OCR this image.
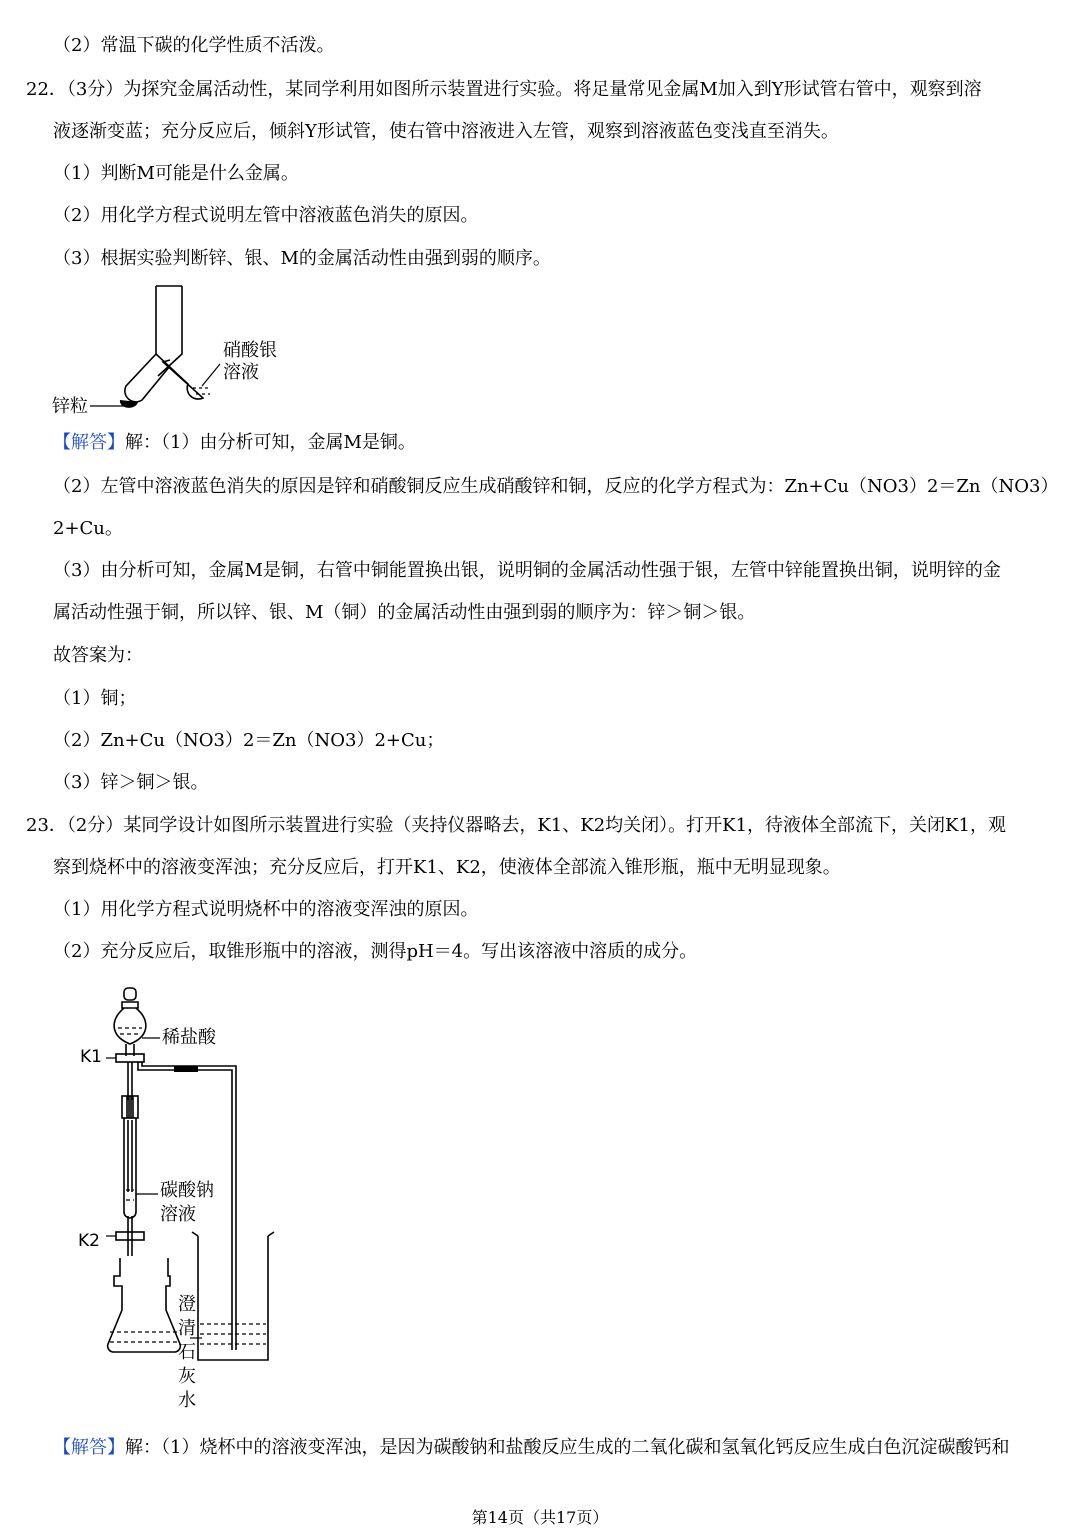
（2）常温下碳的化学性质不活泼。
22．（3分）为探究金属活动性，某同学利用如图所示装置进行实验。将足量常见金属M加入到Y形试管右管中，观察到溶
液逐渐变蓝；充分反应后，倾斜Y形试管，使右管中溶液进入左管，观察到溶液蓝色变浅直至消失。
（1）判断M可能是什么金属。
（2）用化学方程式说明左管中溶液蓝色消失的原因。
（3）根据实验判断锌、银、M的金属活动性由强到弱的顺序。
硝酸银
溶液
锌粒
【解答】解：（1）由分析可知，金属M是铜。
（2）左管中溶液蓝色消失的原因是锌和硝酸铜反应生成硝酸锌和铜，反应的化学方程式为：Zn+Cu（NO3）2＝Zn（NO3）
2+Cu。
（3）由分析可知，金属M是铜，右管中铜能置换出银，说明铜的金属活动性强于银，左管中锌能置换出铜，说明锌的金
属活动性强于铜，所以锌、银、M（铜）的金属活动性由强到弱的顺序为：锌＞铜＞银。
故答案为：
（1）铜；
（2）Zn+Cu（NO3）2＝Zn（NO3）2+Cu；
（3）锌＞铜＞银。
23．（2分）某同学设计如图所示装置进行实验（夹持仪器略去，K1、K2均关闭）。打开K1，待液体全部流下，关闭K1，观
察到烧杯中的溶液变浑浊；充分反应后，打开K1、K2，使液体全部流入锥形瓶，瓶中无明显现象。
（1）用化学方程式说明烧杯中的溶液变浑浊的原因。
（2）充分反应后，取锥形瓶中的溶液，测得pH＝4。写出该溶液中溶质的成分。
稀盐酸
K1
碳酸钠
溶液
K2
澄
清
石
灰
水
【解答】解：（1）烧杯中的溶液变浑浊，是因为碳酸钠和盐酸反应生成的二氧化碳和氢氧化钙反应生成白色沉淀碳酸钙和
第14页（共17页）
